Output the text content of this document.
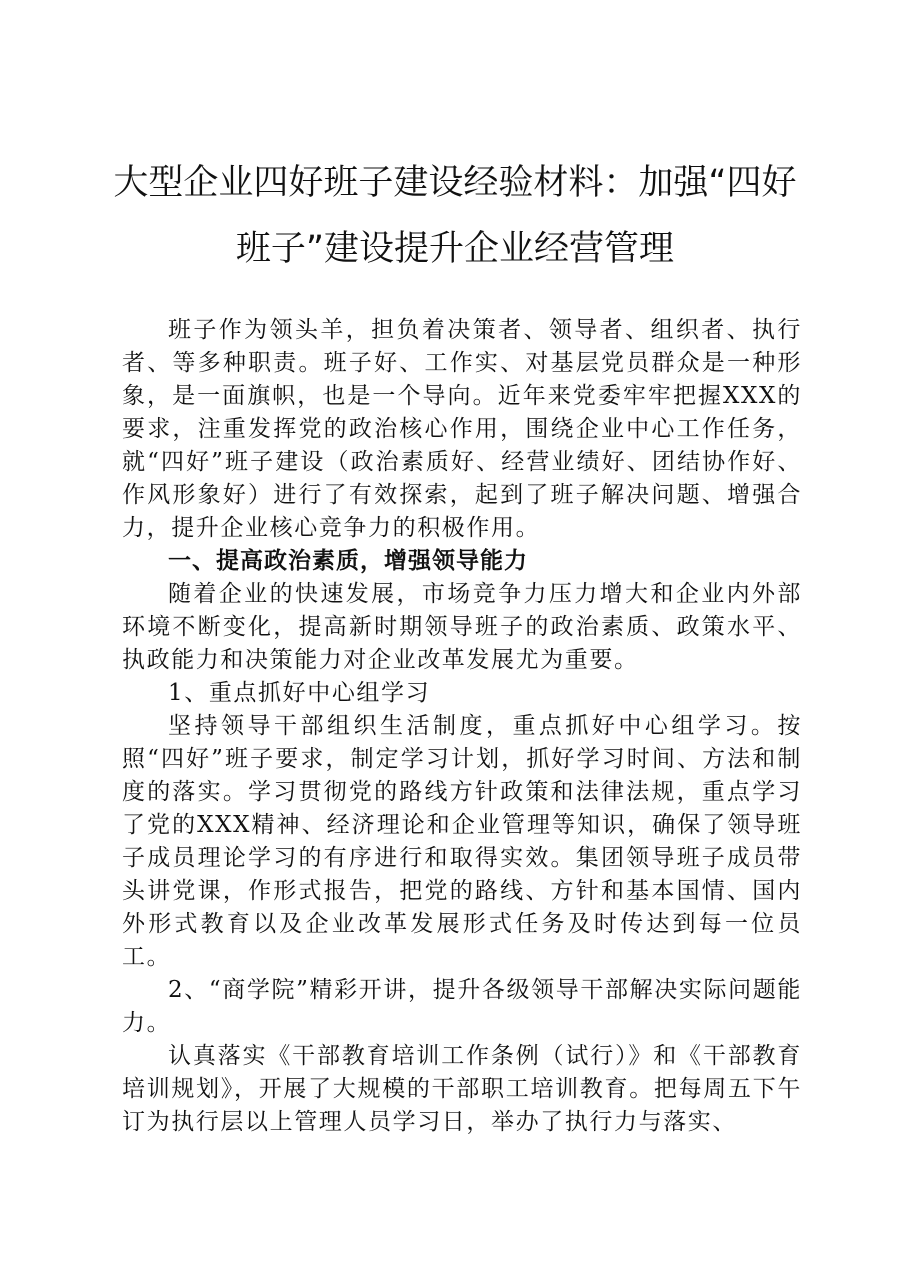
大型企业四好班子建设经验材料：加强“四好
班子”建设提升企业经营管理

班子作为领头羊，担负着决策者、领导者、组织者、执行者、等多种职责。班子好、工作实、对基层党员群众是一种形象，是一面旗帜，也是一个导向。近年来党委牢牢把握XXX的要求，注重发挥党的政治核心作用，围绕企业中心工作任务，就“四好”班子建设（政治素质好、经营业绩好、团结协作好、作风形象好）进行了有效探索，起到了班子解决问题、增强合力，提升企业核心竞争力的积极作用。

一、提高政治素质，增强领导能力

随着企业的快速发展，市场竞争力压力增大和企业内外部环境不断变化，提高新时期领导班子的政治素质、政策水平、执政能力和决策能力对企业改革发展尤为重要。

1、重点抓好中心组学习

坚持领导干部组织生活制度，重点抓好中心组学习。按照“四好”班子要求，制定学习计划，抓好学习时间、方法和制度的落实。学习贯彻党的路线方针政策和法律法规，重点学习了党的XXX精神、经济理论和企业管理等知识，确保了领导班子成员理论学习的有序进行和取得实效。集团领导班子成员带头讲党课，作形式报告，把党的路线、方针和基本国情、国内外形式教育以及企业改革发展形式任务及时传达到每一位员工。

2、“商学院”精彩开讲，提升各级领导干部解决实际问题能力。

认真落实《干部教育培训工作条例（试行）》和《干部教育培训规划》，开展了大规模的干部职工培训教育。把每周五下午订为执行层以上管理人员学习日，举办了执行力与落实、
